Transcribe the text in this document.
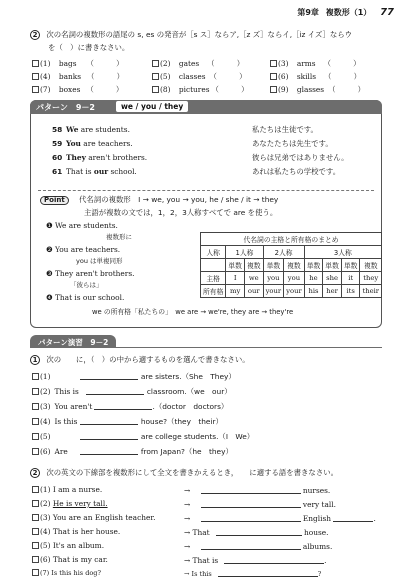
第9章 複数形（1） 77
2 次の名詞の複数形の語尾の s, es の発音が［s ス］ならア,［z ズ］ならイ,［iz イズ］ならウ
を（　）に書きなさい。
(1) bags （　　　）	(2) gates （　　　）	(3) arms （　　　）
(4) banks （　　　）	(5) classes （　　　）	(6) skills （　　　）
(7) boxes （　　　）	(8) pictures （　　　）	(9) glasses （　　　）
パターン　9－2	we / you / they
58 We are students.	私たちは生徒です。
59 You are teachers.	あなたたちは先生です。
60 They aren't brothers.	彼らは兄弟ではありません。
61 That is our school.	あれは私たちの学校です。
Point 代名詞の複数形　I → we, you → you, he / she / it → they
主語が複数の文では，1，2，3人称すべてで are を使う。
❶ We are students.
複数形に
❷ You are teachers.
you は単複同形
❸ They aren't brothers.
「彼らは」
❹ That is our school.
we の所有格「私たちの」　we are → we're, they are → they're
代名詞の主格と所有格のまとめ								
人称	1人称		2人称		3人称			
	単数	複数	単数	複数	単数	単数	単数	複数
主格	I	we	you	you	he	she	it	they
所有格	my	our	your	your	his	her	its	their
パターン演習　9－2
1 次の　　に，（　）の中から適するものを選んで書きなさい。
(1)	are sisters.（She　They）
(2) This is	classroom.（we　our）
(3) You aren't	.（doctor　doctors）
(4) Is this	house?（they　their）
(5)	are college students.（I　We）
(6) Are	from Japan?（he　they）
2 次の英文の下線部を複数形にして全文を書きかえるとき，　　に適する語を書きなさい。
(1) I am a nurse.	→	nurses.
(2) He is very tall.	→	very tall.
(3) You are an English teacher.	→	English	.
(4) That is her house.	→ That	house.
(5) It's an album.	→	albums.
(6) That is my car.	→ That is	.
(7) Is this his dog?	→ Is this	?
